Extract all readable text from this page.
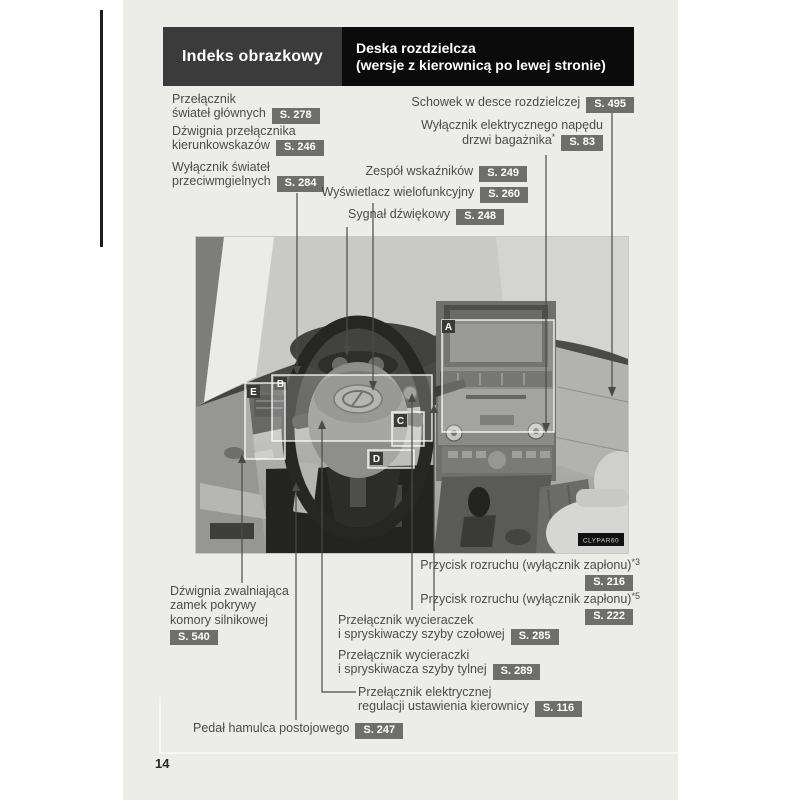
Indeks obrazkowy	Deska rozdzielcza
(wersje z kierownicą po lewej stronie)
Przełącznik
świateł głównych S. 278
Dźwignia przełącznika
kierunkowskazów S. 246
Wyłącznik świateł
przeciwmgielnych S. 284
Schowek w desce rozdzielczej S. 495
Wyłącznik elektrycznego napędu
drzwi bagażnika* S. 83
Zespół wskaźników S. 249
Wyświetlacz wielofunkcyjny S. 260
Sygnał dźwiękowy S. 248
Przycisk rozruchu (wyłącznik zapłonu)$^{*3}$
S. 216
Przycisk rozruchu (wyłącznik zapłonu)$^{*5}$
S. 222
Przełącznik wycieraczek
i spryskiwaczy szyby czołowej S. 285
Przełącznik wycieraczki
i spryskiwacza szyby tylnej S. 289
Przełącznik elektrycznej
regulacji ustawienia kierownicy S. 116
Pedał hamulca postojowego S. 247
Dźwignia zwalniająca
zamek pokrywy
komory silnikowej
S. 540
14
A
C
D
E
CLYPAR60
